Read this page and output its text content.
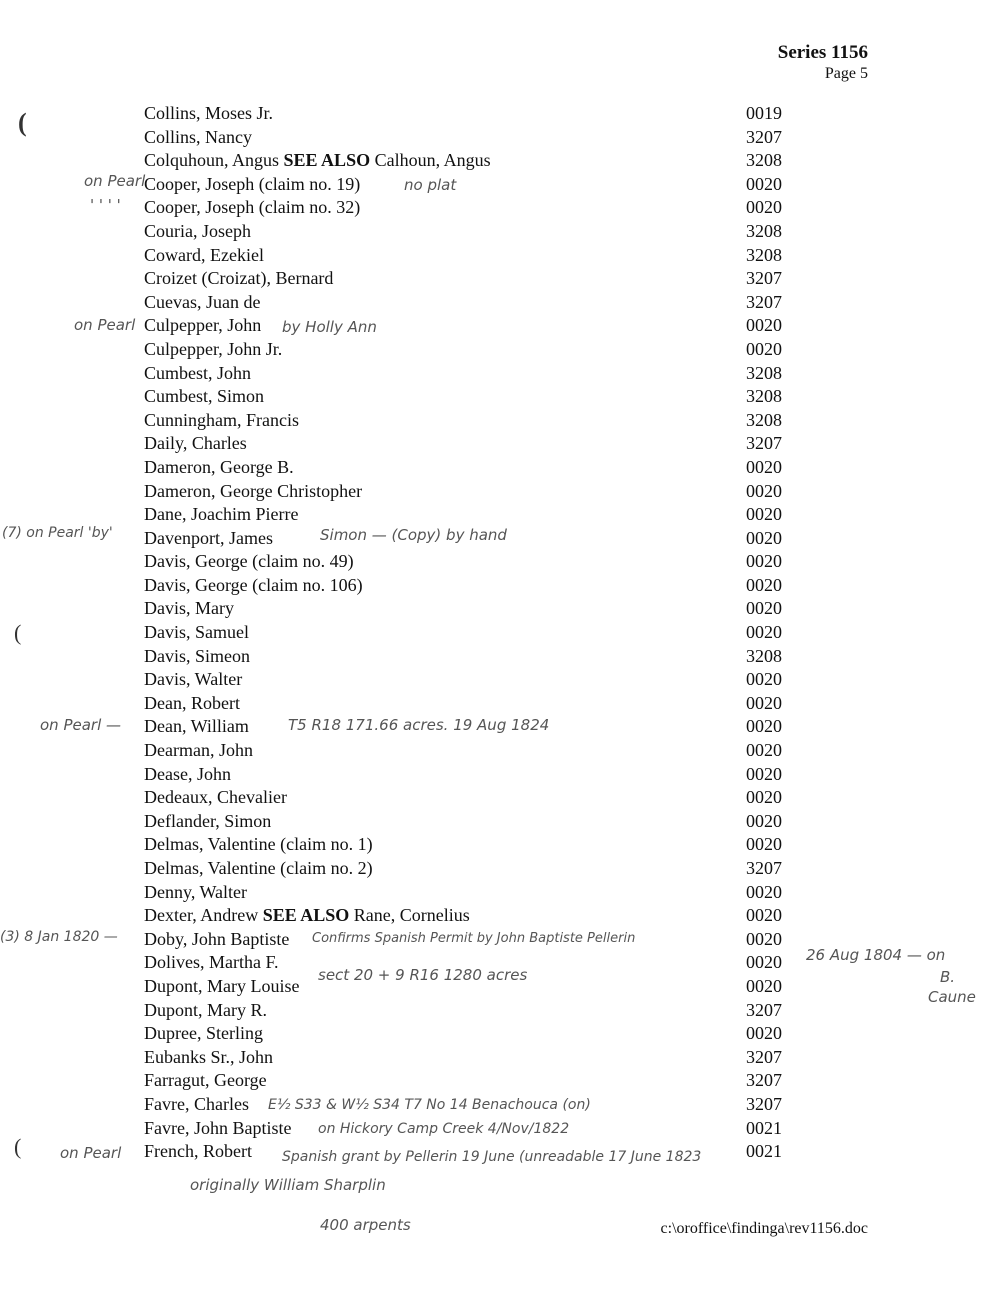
Series 1156
Page 5
(
(
(
Collins, Moses Jr.	0019
Collins, Nancy	3207
Colquhoun, Angus SEE ALSO Calhoun, Angus	3208
Cooper, Joseph (claim no. 19)	0020
Cooper, Joseph (claim no. 32)	0020
Couria, Joseph	3208
Coward, Ezekiel	3208
Croizet (Croizat), Bernard	3207
Cuevas, Juan de	3207
Culpepper, John	0020
Culpepper, John Jr.	0020
Cumbest, John	3208
Cumbest, Simon	3208
Cunningham, Francis	3208
Daily, Charles	3207
Dameron, George B.	0020
Dameron, George Christopher	0020
Dane, Joachim Pierre	0020
Davenport, James	0020
Davis, George (claim no. 49)	0020
Davis, George (claim no. 106)	0020
Davis, Mary	0020
Davis, Samuel	0020
Davis, Simeon	3208
Davis, Walter	0020
Dean, Robert	0020
Dean, William	0020
Dearman, John	0020
Dease, John	0020
Dedeaux, Chevalier	0020
Deflander, Simon	0020
Delmas, Valentine (claim no. 1)	0020
Delmas, Valentine (claim no. 2)	3207
Denny, Walter	0020
Dexter, Andrew SEE ALSO Rane, Cornelius	0020
Doby, John Baptiste	0020
Dolives, Martha F.	0020
Dupont, Mary Louise	0020
Dupont, Mary R.	3207
Dupree, Sterling	0020
Eubanks Sr., John	3207
Farragut, George	3207
Favre, Charles	3207
Favre, John Baptiste	0021
French, Robert	0021
on Pearl	no plat
' ' ' '
on Pearl	by Holly Ann
(7) on Pearl 'by'	Simon — (Copy) by hand
on Pearl —	T5 R18 171.66 acres. 19 Aug 1824
(3) 8 Jan 1820 —	Confirms Spanish Permit by John Baptiste Pellerin
26 Aug 1804 — on
B.
Caune
sect 20 + 9 R16 1280 acres
E½ S33 & W½ S34 T7 No 14 Benachouca (on)
on Hickory Camp Creek 4/Nov/1822
on Pearl	Spanish grant by Pellerin 19 June (unreadable 17 June 1823
originally William Sharplin
400 arpents	c:\oroffice\findinga\rev1156.doc
